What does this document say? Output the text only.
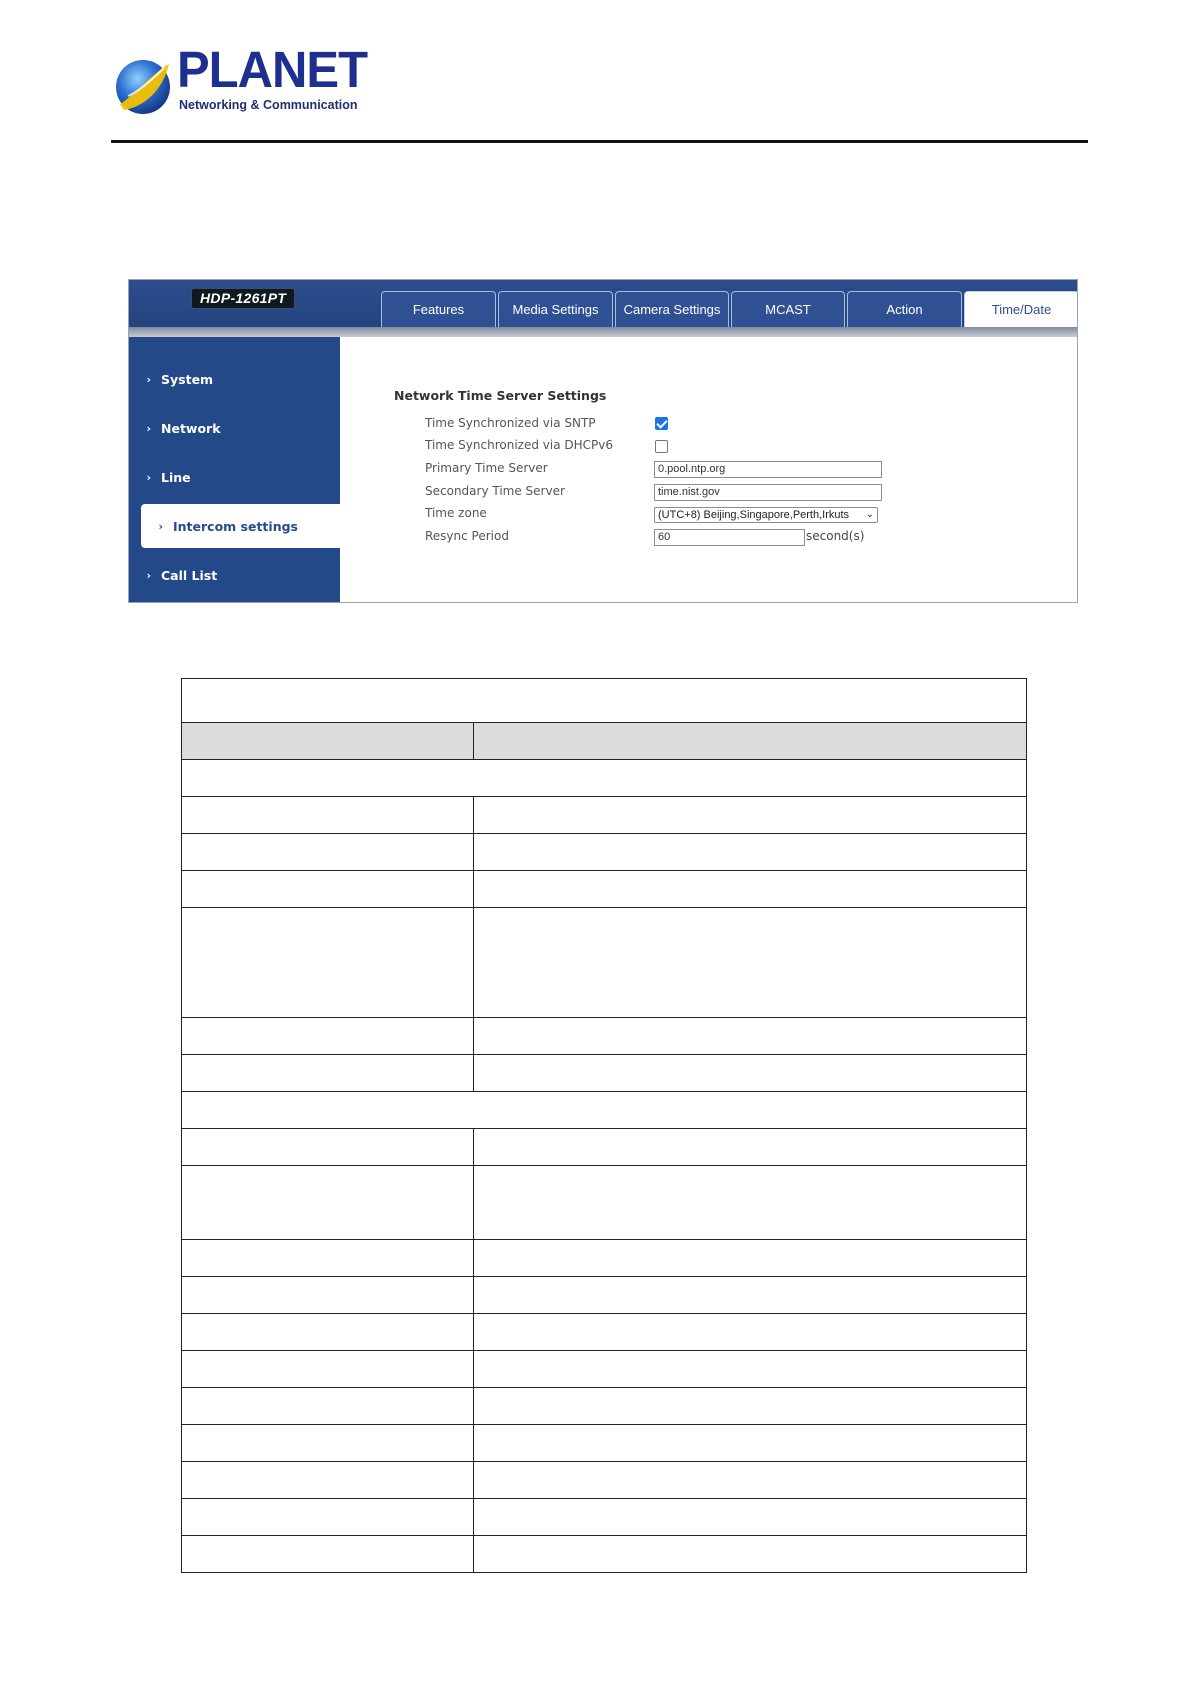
PLANET
Networking & Communication
HDP-1261PT
Features	Media Settings	Camera Settings	MCAST	Action	Time/Date
› System
› Network
› Line
› Intercom settings
› Call List
Network Time Server Settings
Time Synchronized via SNTP
Time Synchronized via DHCPv6
Primary Time Server	0.pool.ntp.org
Secondary Time Server	time.nist.gov
Time zone	(UTC+8) Beijing,Singapore,Perth,Irkuts ⌄
Resync Period	60	second(s)
